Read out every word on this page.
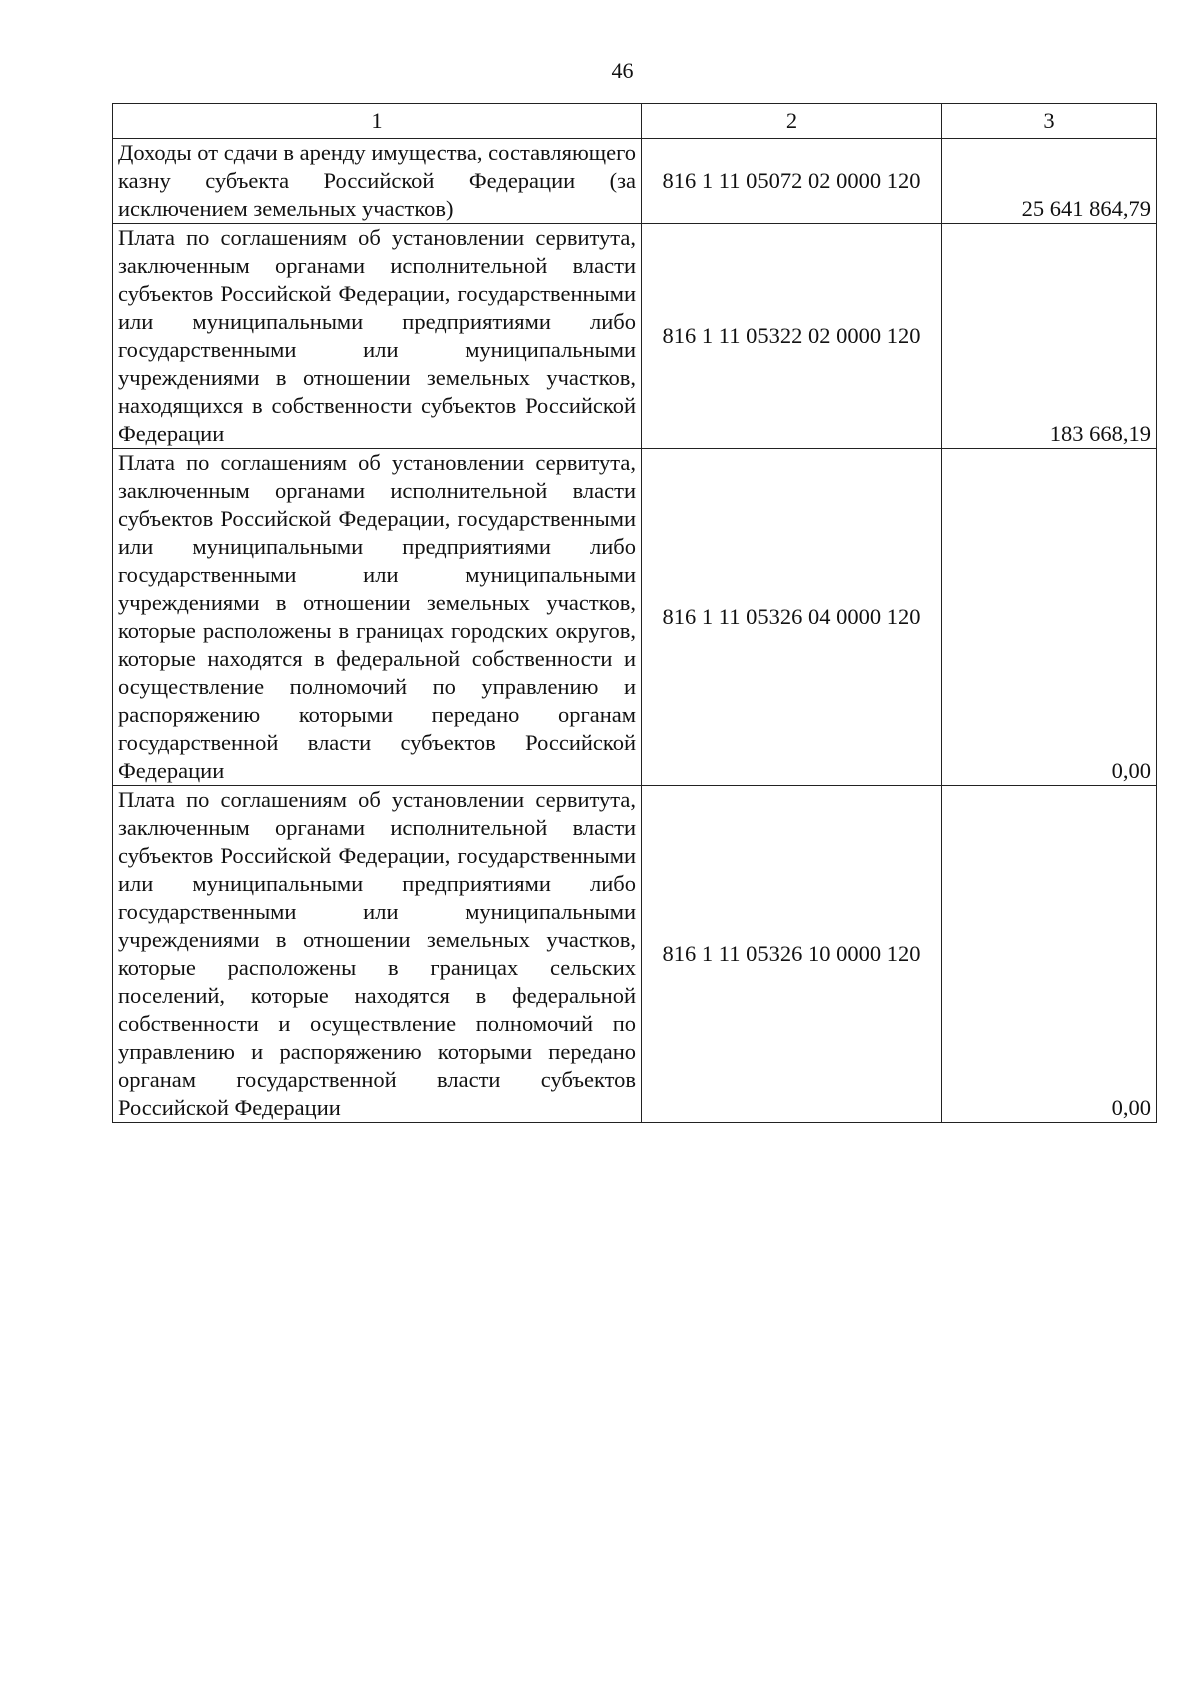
46
1	2	3
Доходы от сдачи в аренду имущества, составляющего казну субъекта Российской Федерации (за исключением земельных участков)	816 1 11 05072 02 0000 120	25 641 864,79
Плата по соглашениям об установлении сервитута, заключенным органами исполнительной власти субъектов Российской Федерации, государственными или муниципальными предприятиями либо государственными или муниципальными учреждениями в отношении земельных участков, находящихся в собственности субъектов Российской Федерации	816 1 11 05322 02 0000 120	183 668,19
Плата по соглашениям об установлении сервитута, заключенным органами исполнительной власти субъектов Российской Федерации, государственными или муниципальными предприятиями либо государственными или муниципальными учреждениями в отношении земельных участков, которые расположены в границах городских округов, которые находятся в федеральной собственности и осуществление полномочий по управлению и распоряжению которыми передано органам государственной власти субъектов Российской Федерации	816 1 11 05326 04 0000 120	0,00
Плата по соглашениям об установлении сервитута, заключенным органами исполнительной власти субъектов Российской Федерации, государственными или муниципальными предприятиями либо государственными или муниципальными учреждениями в отношении земельных участков, которые расположены в границах сельских поселений, которые находятся в федеральной собственности и осуществление полномочий по управлению и распоряжению которыми передано органам государственной власти субъектов Российской Федерации	816 1 11 05326 10 0000 120	0,00
